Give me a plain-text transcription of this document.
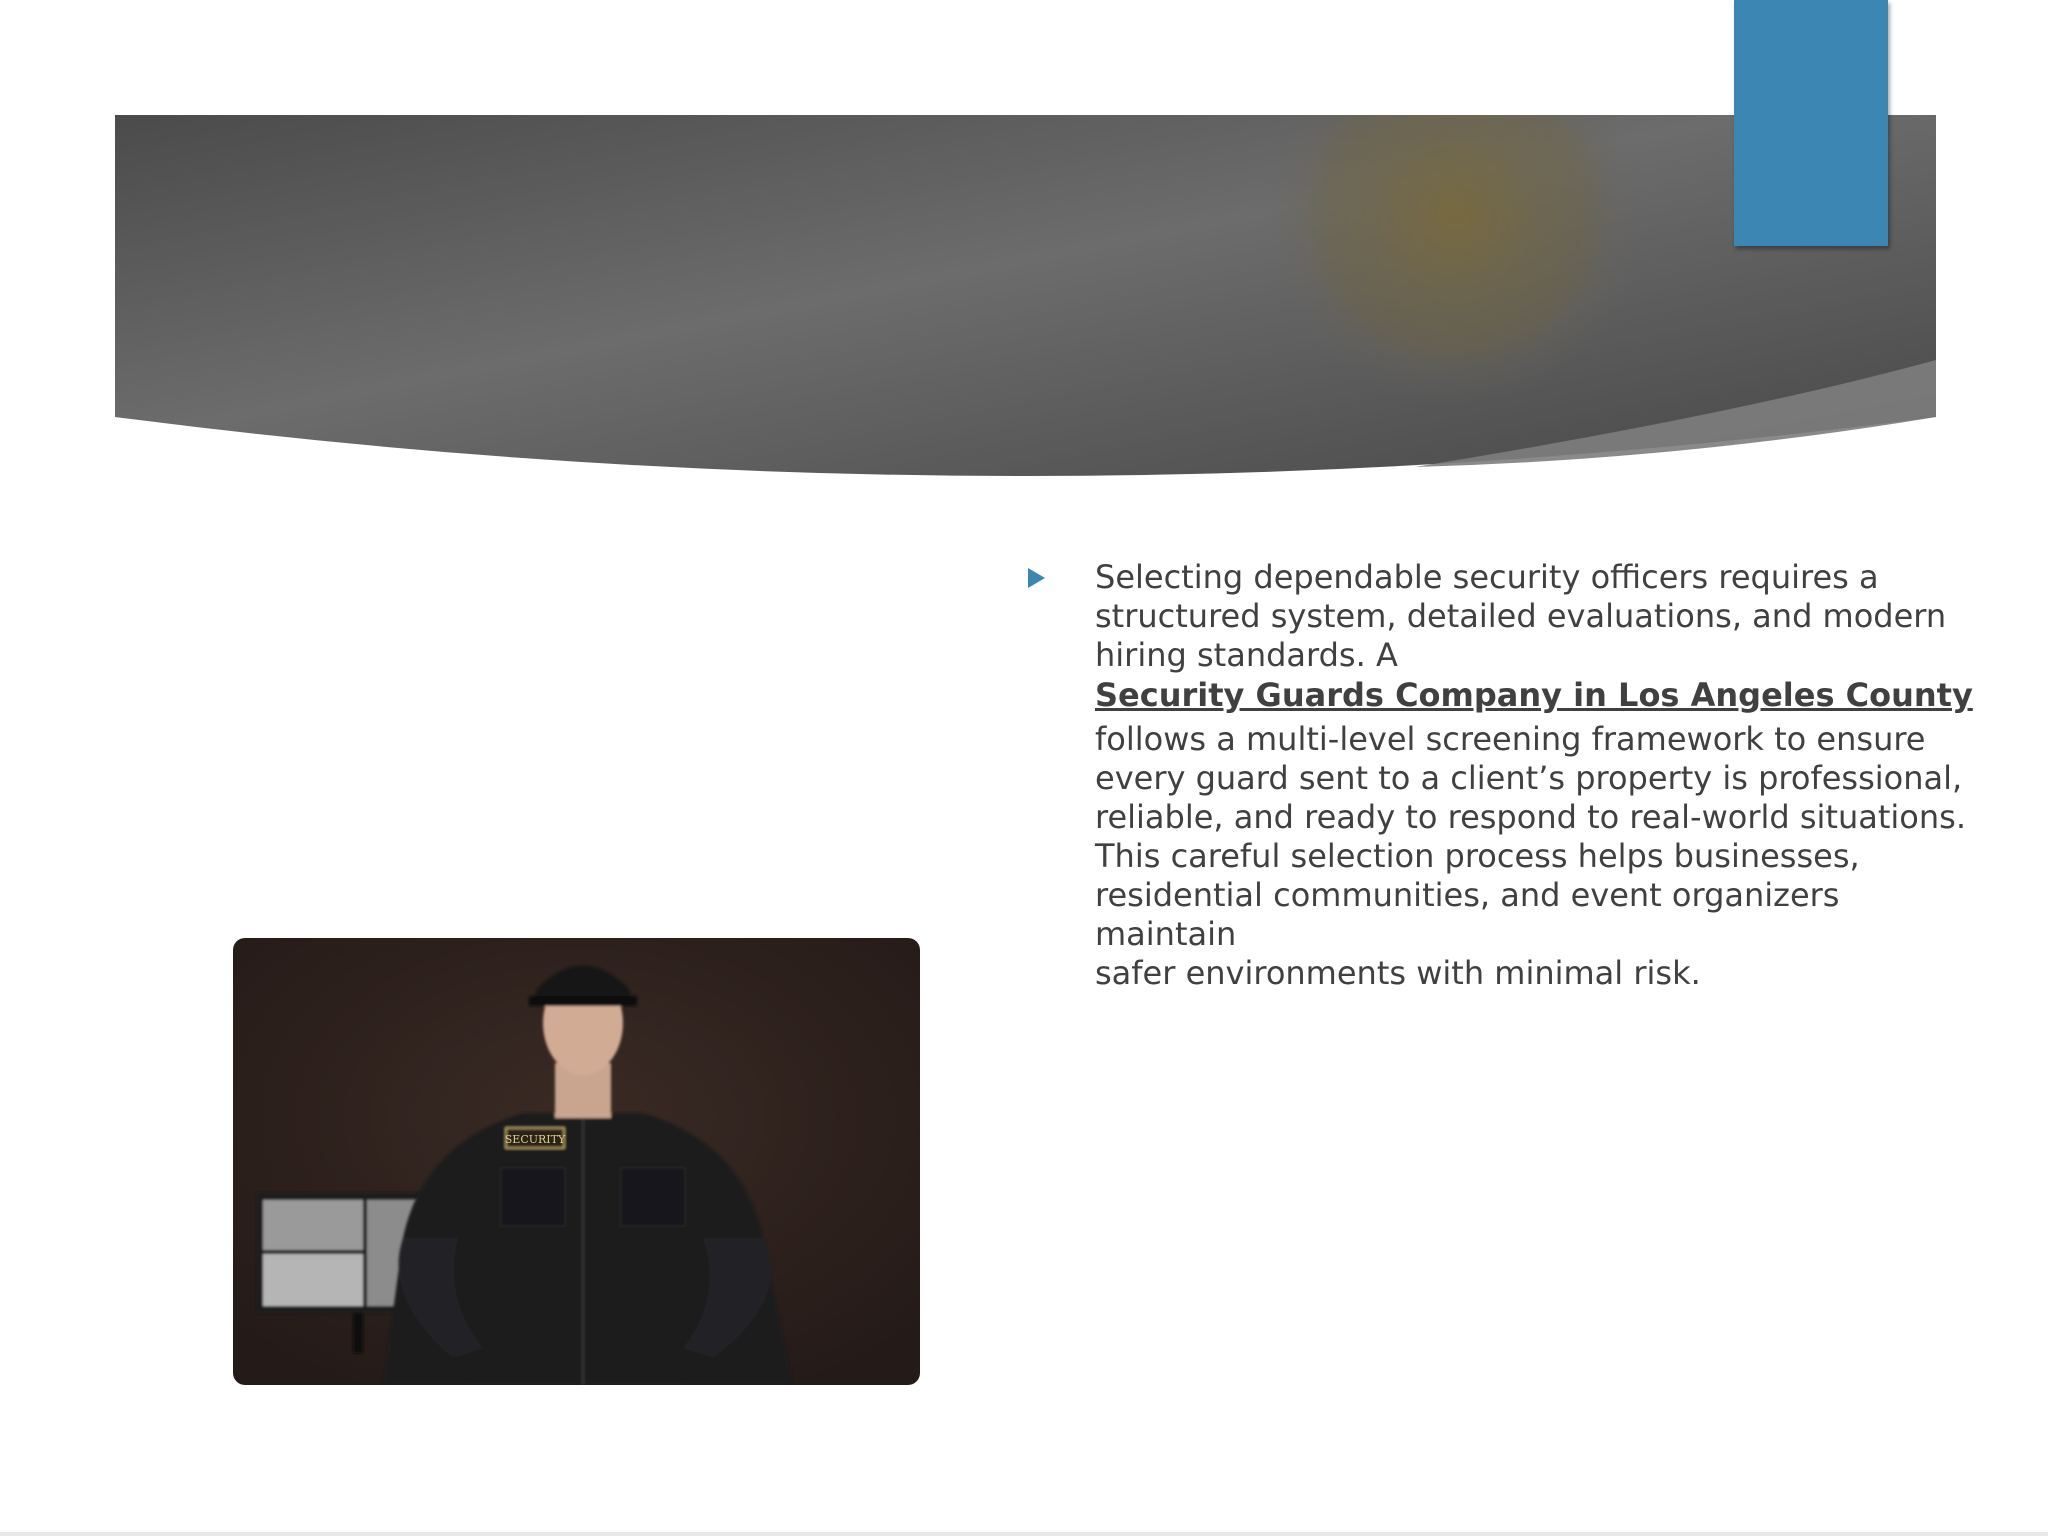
Selecting dependable security officers requires a
structured system, detailed evaluations, and modern
hiring standards. A
Security Guards Company in Los Angeles County
follows a multi-level screening framework to ensure
every guard sent to a client’s property is professional,
reliable, and ready to respond to real-world situations.
This careful selection process helps businesses,
residential communities, and event organizers maintain
safer environments with minimal risk.
SECURITY
